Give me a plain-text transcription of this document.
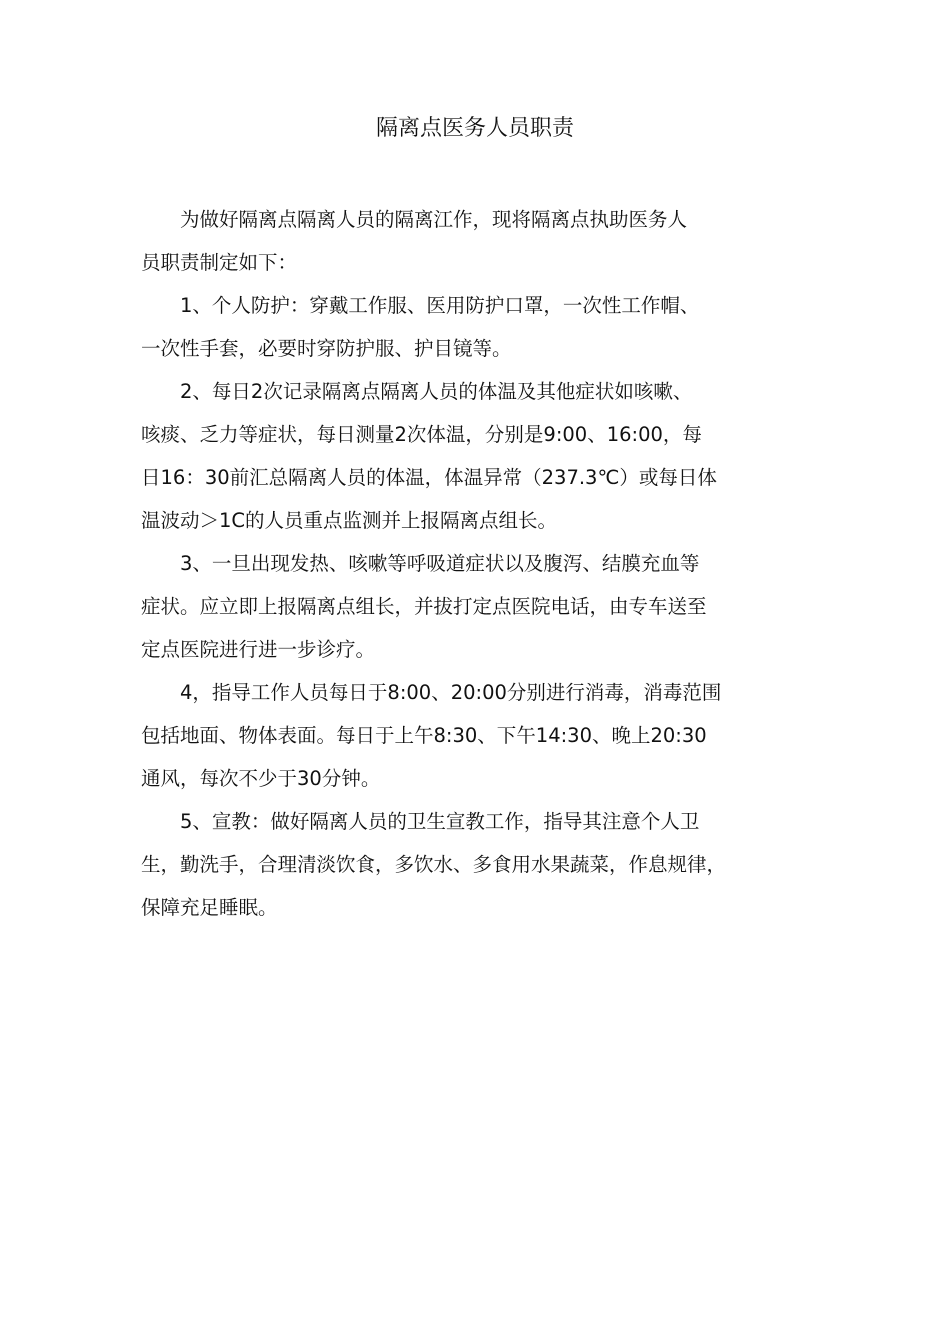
隔离点医务人员职责

为做好隔离点隔离人员的隔离江作，现将隔离点执助医务人
员职责制定如下：

1、个人防护：穿戴工作服、医用防护口罩，一次性工作帽、
一次性手套，必要时穿防护服、护目镜等。

2、每日2次记录隔离点隔离人员的体温及其他症状如咳嗽、
咳痰、乏力等症状，每日测量2次体温，分别是9:00、16:00，每
日16：30前汇总隔离人员的体温，体温异常（237.3℃）或每日体
温波动＞1C的人员重点监测并上报隔离点组长。

3、一旦出现发热、咳嗽等呼吸道症状以及腹泻、结膜充血等
症状。应立即上报隔离点组长，并拔打定点医院电话，由专车送至
定点医院进行进一步诊疗。

4，指导工作人员每日于8:00、20:00分别进行消毒，消毒范围
包括地面、物体表面。每日于上午8:30、下午14:30、晚上20:30
通风，每次不少于30分钟。

5、宣教：做好隔离人员的卫生宣教工作，指导其注意个人卫
生，勤洗手，合理清淡饮食，多饮水、多食用水果蔬菜，作息规律，
保障充足睡眠。
